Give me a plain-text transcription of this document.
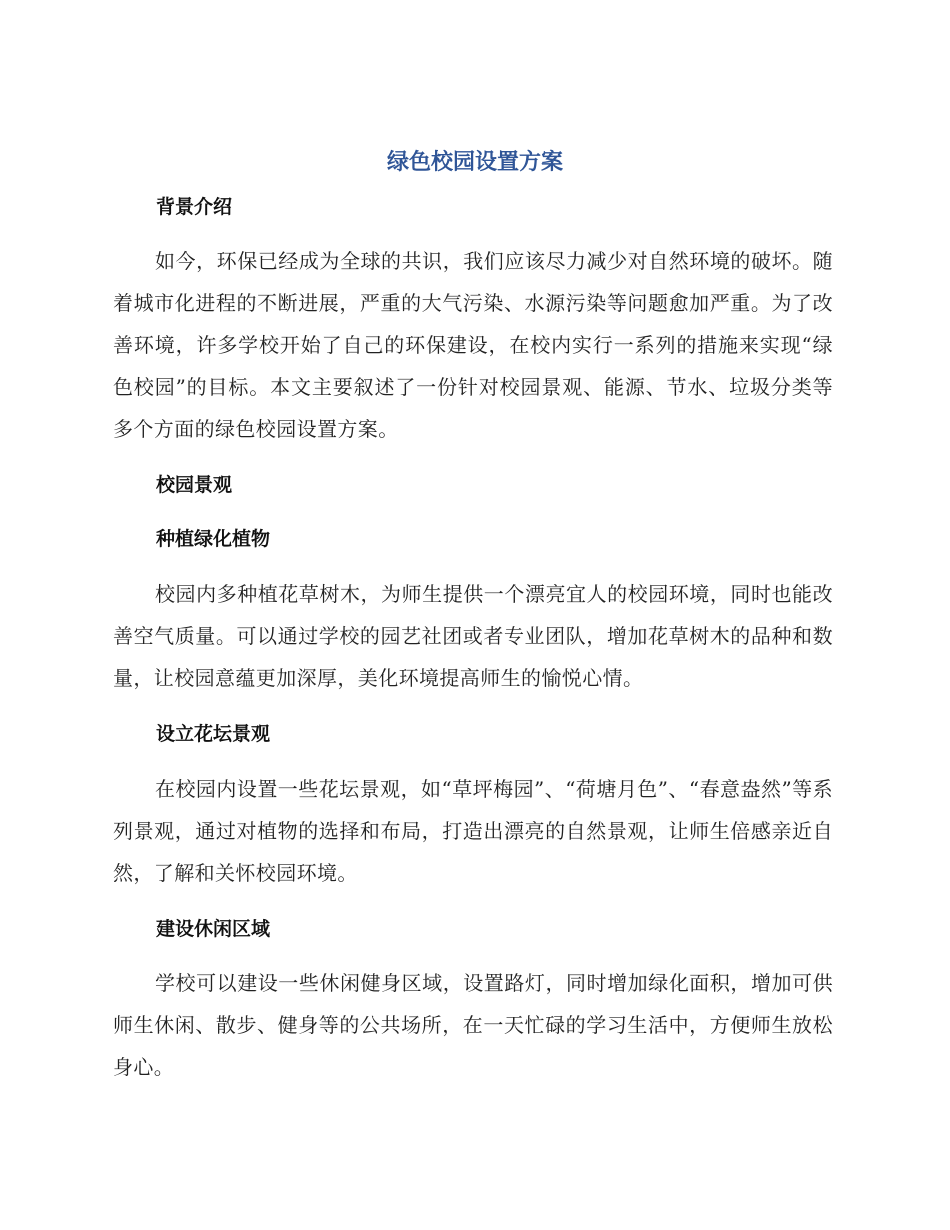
绿色校园设置方案
背景介绍
如今，环保已经成为全球的共识，我们应该尽力减少对自然环境的破坏。随着城市化进程的不断进展，严重的大气污染、水源污染等问题愈加严重。为了改善环境，许多学校开始了自己的环保建设，在校内实行一系列的措施来实现“绿色校园”的目标。本文主要叙述了一份针对校园景观、能源、节水、垃圾分类等多个方面的绿色校园设置方案。
校园景观
种植绿化植物
校园内多种植花草树木，为师生提供一个漂亮宜人的校园环境，同时也能改善空气质量。可以通过学校的园艺社团或者专业团队，增加花草树木的品种和数量，让校园意蕴更加深厚，美化环境提高师生的愉悦心情。
设立花坛景观
在校园内设置一些花坛景观，如“草坪梅园”、“荷塘月色”、“春意盎然”等系列景观，通过对植物的选择和布局，打造出漂亮的自然景观，让师生倍感亲近自然，了解和关怀校园环境。
建设休闲区域
学校可以建设一些休闲健身区域，设置路灯，同时增加绿化面积，增加可供师生休闲、散步、健身等的公共场所，在一天忙碌的学习生活中，方便师生放松身心。
